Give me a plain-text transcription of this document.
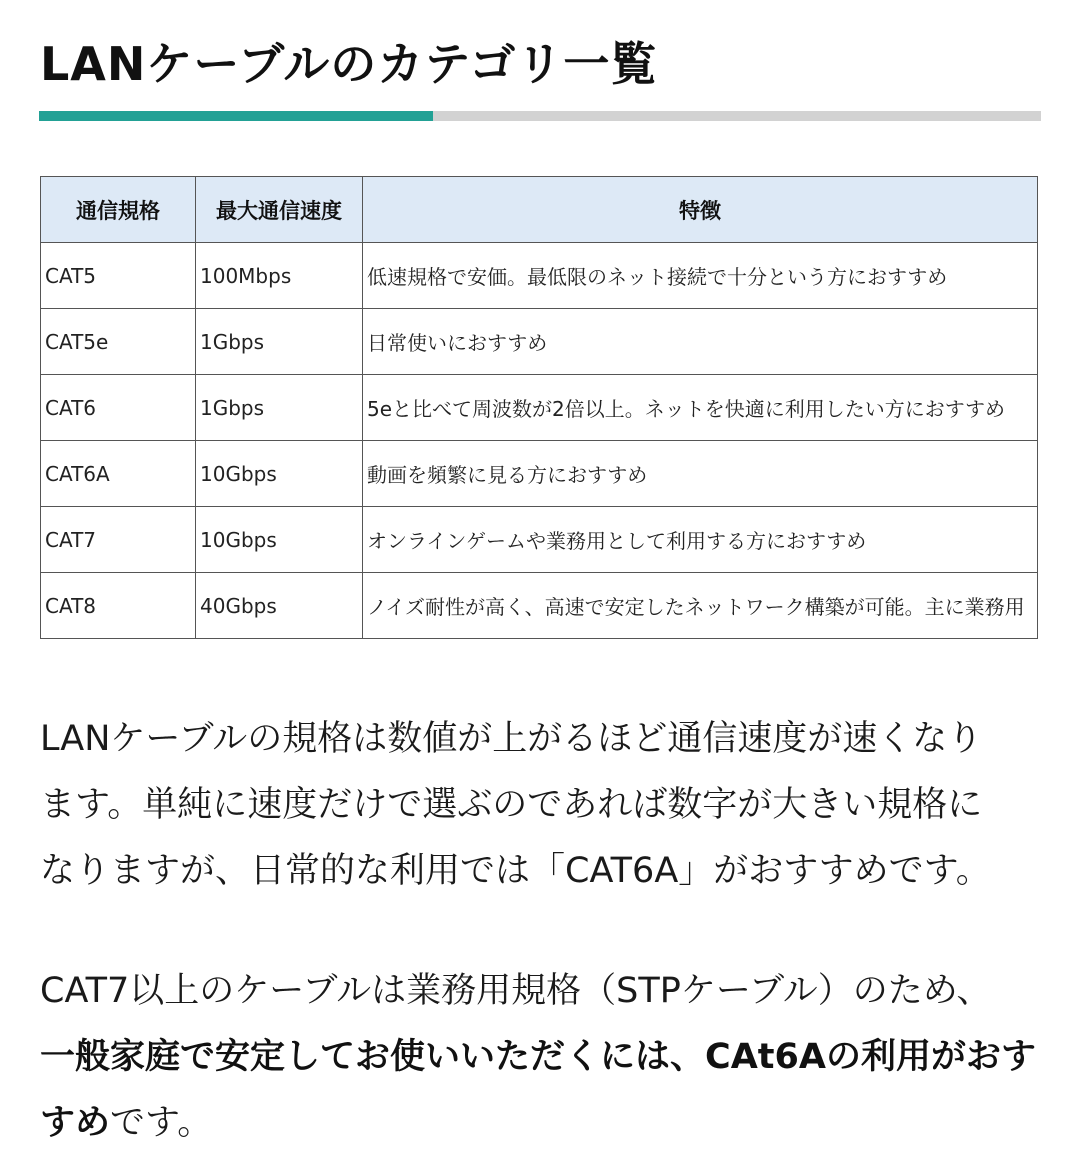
LANケーブルのカテゴリ一覧
通信規格	最大通信速度	特徴
CAT5	100Mbps	低速規格で安価。最低限のネット接続で十分という方におすすめ
CAT5e	1Gbps	日常使いにおすすめ
CAT6	1Gbps	5eと比べて周波数が2倍以上。ネットを快適に利用したい方におすすめ
CAT6A	10Gbps	動画を頻繁に見る方におすすめ
CAT7	10Gbps	オンラインゲームや業務用として利用する方におすすめ
CAT8	40Gbps	ノイズ耐性が高く、高速で安定したネットワーク構築が可能。主に業務用
LANケーブルの規格は数値が上がるほど通信速度が速くなり
ます。単純に速度だけで選ぶのであれば数字が大きい規格に
なりますが、日常的な利用では「CAT6A」がおすすめです。
CAT7以上のケーブルは業務用規格（STPケーブル）のため、
一般家庭で安定してお使いいただくには、CAt6Aの利用がおすすめです。
